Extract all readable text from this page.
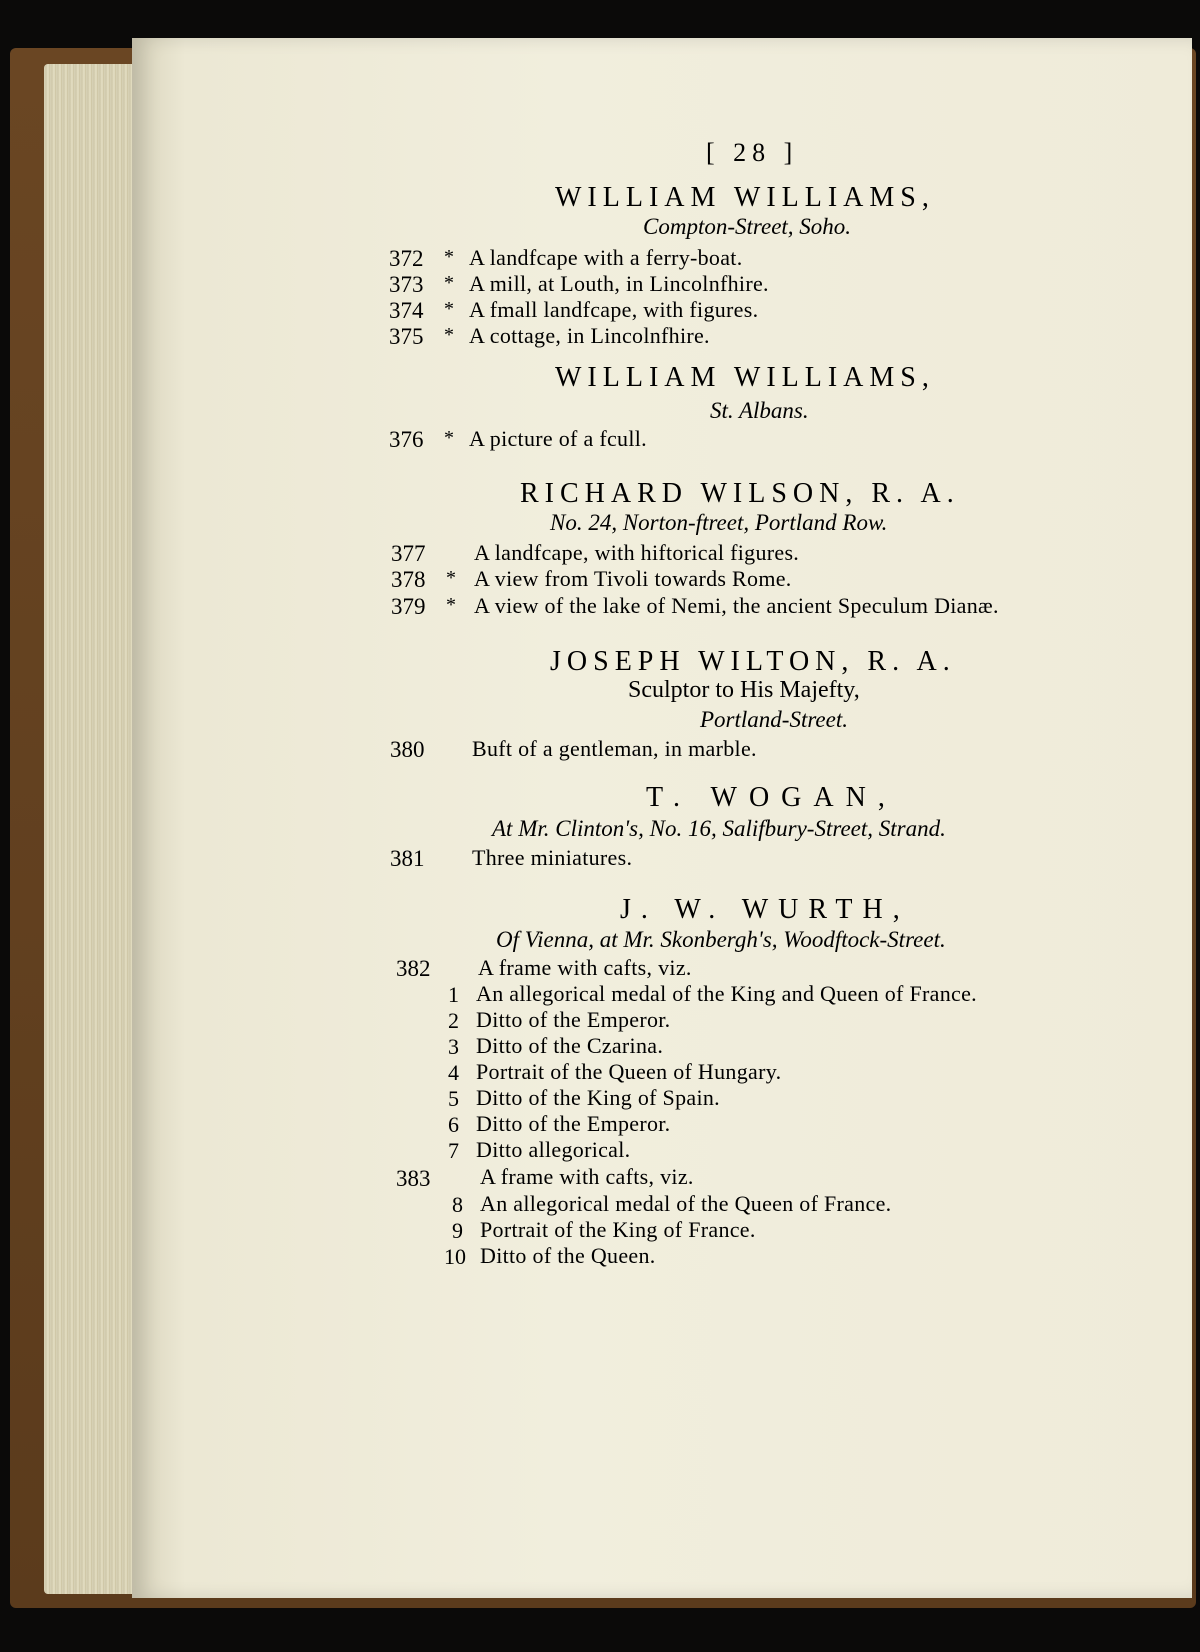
[ 28 ]
WILLIAM WILLIAMS,
Compton-Street, Soho.
372 * A landfcape with a ferry-boat.
373 * A mill, at Louth, in Lincolnfhire.
374 * A fmall landfcape, with figures.
375 * A cottage, in Lincolnfhire.
WILLIAM WILLIAMS,
St. Albans.
376 * A picture of a fcull.
RICHARD WILSON, R. A.
No. 24, Norton-ftreet, Portland Row.
377 A landfcape, with hiftorical figures.
378 * A view from Tivoli towards Rome.
379 * A view of the lake of Nemi, the ancient Speculum Dianæ.
JOSEPH WILTON, R. A.
Sculptor to His Majefty,
Portland-Street.
380 Buft of a gentleman, in marble.
T. WOGAN,
At Mr. Clinton's, No. 16, Salifbury-Street, Strand.
381 Three miniatures.
J. W. WURTH,
Of Vienna, at Mr. Skonbergh's, Woodftock-Street.
382 A frame with cafts, viz.
1 An allegorical medal of the King and Queen of France.
2 Ditto of the Emperor.
3 Ditto of the Czarina.
4 Portrait of the Queen of Hungary.
5 Ditto of the King of Spain.
6 Ditto of the Emperor.
7 Ditto allegorical.
383 A frame with cafts, viz.
8 An allegorical medal of the Queen of France.
9 Portrait of the King of France.
10 Ditto of the Queen.
